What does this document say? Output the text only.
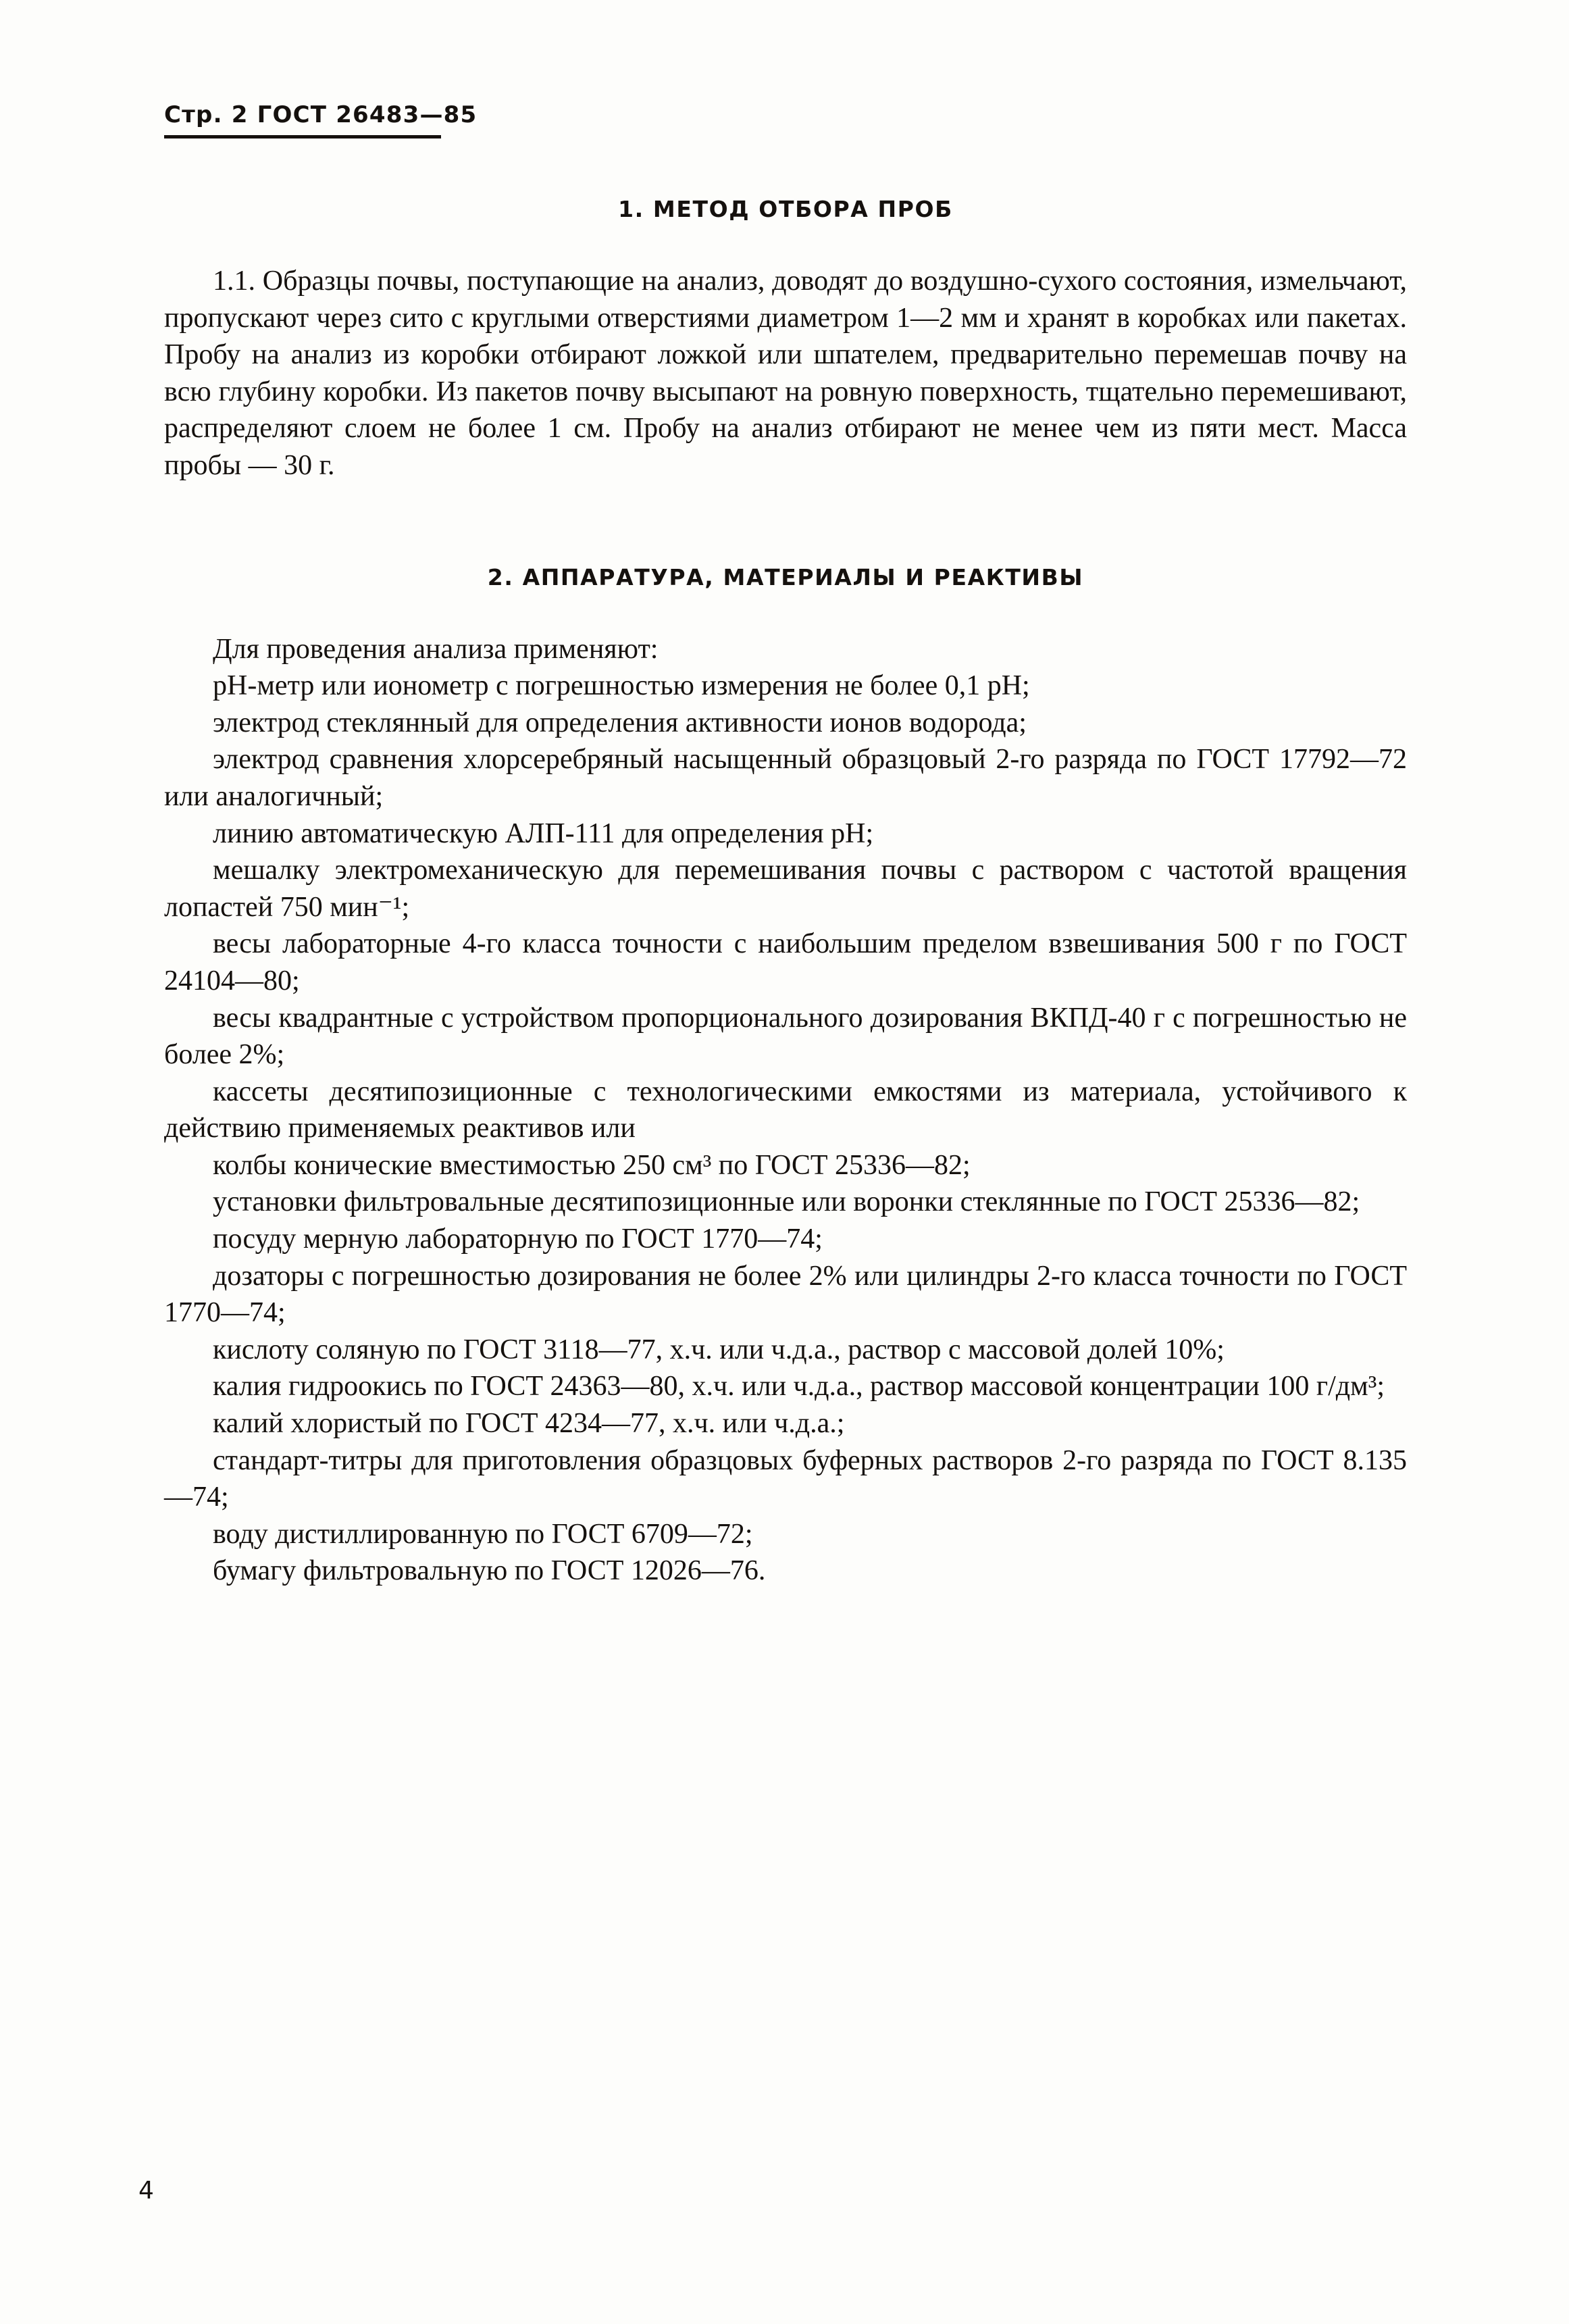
Стр. 2 ГОСТ 26483—85
1. МЕТОД ОТБОРА ПРОБ

1.1. Образцы почвы, поступающие на анализ, доводят до воздушно-сухого состояния, измельчают, пропускают через сито с круглыми отверстиями диаметром 1—2 мм и хранят в коробках или пакетах. Пробу на анализ из коробки отбирают ложкой или шпателем, предварительно перемешав почву на всю глубину коробки. Из пакетов почву высыпают на ровную поверхность, тщательно перемешивают, распределяют слоем не более 1 см. Пробу на анализ отбирают не менее чем из пяти мест. Масса пробы — 30 г.

2. АППАРАТУРА, МАТЕРИАЛЫ И РЕАКТИВЫ

Для проведения анализа применяют:

pH-метр или ионометр с погрешностью измерения не более 0,1 pH;

электрод стеклянный для определения активности ионов водорода;

электрод сравнения хлорсеребряный насыщенный образцовый 2-го разряда по ГОСТ 17792—72 или аналогичный;

линию автоматическую АЛП-111 для определения pH;

мешалку электромеханическую для перемешивания почвы с раствором с частотой вращения лопастей 750 мин⁻¹;

весы лабораторные 4-го класса точности с наибольшим пределом взвешивания 500 г по ГОСТ 24104—80;

весы квадрантные с устройством пропорционального дозирования ВКПД-40 г с погрешностью не более 2%;

кассеты десятипозиционные с технологическими емкостями из материала, устойчивого к действию применяемых реактивов или

колбы конические вместимостью 250 см³ по ГОСТ 25336—82;

установки фильтровальные десятипозиционные или воронки стеклянные по ГОСТ 25336—82;

посуду мерную лабораторную по ГОСТ 1770—74;

дозаторы с погрешностью дозирования не более 2% или цилиндры 2-го класса точности по ГОСТ 1770—74;

кислоту соляную по ГОСТ 3118—77, х.ч. или ч.д.а., раствор с массовой долей 10%;

калия гидроокись по ГОСТ 24363—80, х.ч. или ч.д.а., раствор массовой концентрации 100 г/дм³;

калий хлористый по ГОСТ 4234—77, х.ч. или ч.д.а.;

стандарт-титры для приготовления образцовых буферных растворов 2-го разряда по ГОСТ 8.135—74;

воду дистиллированную по ГОСТ 6709—72;

бумагу фильтровальную по ГОСТ 12026—76.

4
